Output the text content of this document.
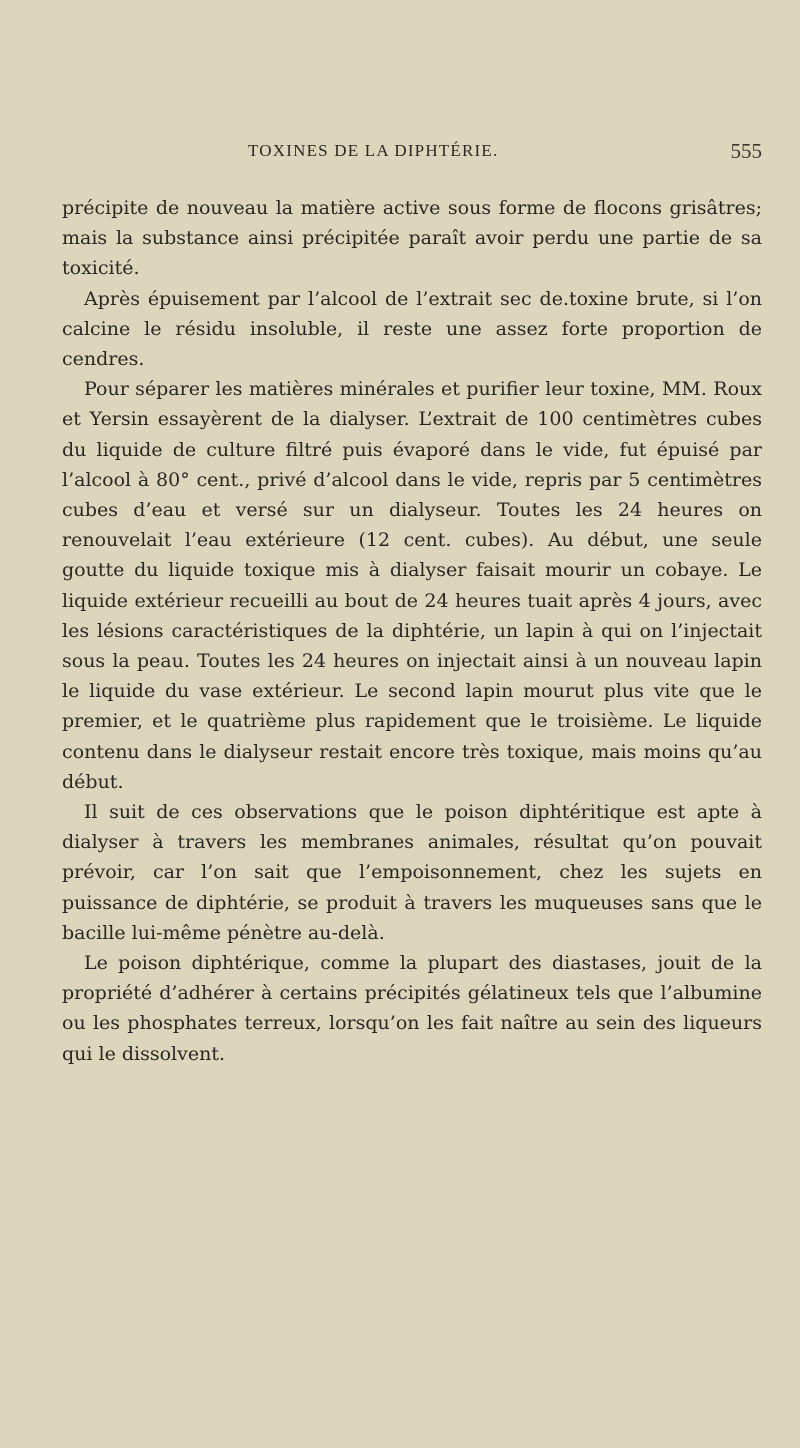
TOXINES DE LA DIPHTÉRIE.	555

précipite de nouveau la matière active sous forme de flocons grisâtres; mais la substance ainsi précipitée paraît avoir perdu une partie de sa toxicité.

Après épuisement par l’alcool de l’extrait sec de.toxine brute, si l’on calcine le résidu insoluble, il reste une assez forte proportion de cendres.

Pour séparer les matières minérales et purifier leur toxine, MM. Roux et Yersin essayèrent de la dialyser. L’extrait de 100 centimètres cubes du liquide de culture filtré puis évaporé dans le vide, fut épuisé par l’alcool à 80° cent., privé d’alcool dans le vide, repris par 5 centimètres cubes d’eau et versé sur un dialyseur. Toutes les 24 heures on renouvelait l’eau extérieure (12 cent. cubes). Au début, une seule goutte du liquide toxique mis à dialyser faisait mourir un cobaye. Le liquide extérieur recueilli au bout de 24 heures tuait après 4 jours, avec les lésions caractéristiques de la diphtérie, un lapin à qui on l’injectait sous la peau. Toutes les 24 heures on injectait ainsi à un nouveau lapin le liquide du vase extérieur. Le second lapin mourut plus vite que le premier, et le quatrième plus rapidement que le troisième. Le liquide contenu dans le dialyseur restait encore très toxique, mais moins qu’au début.

Il suit de ces observations que le poison diphtéritique est apte à dialyser à travers les membranes animales, résultat qu’on pouvait prévoir, car l’on sait que l’empoisonnement, chez les sujets en puissance de diphtérie, se produit à travers les muqueuses sans que le bacille lui-même pénètre au-delà.

Le poison diphtérique, comme la plupart des diastases, jouit de la propriété d’adhérer à certains précipités gélatineux tels que l’albumine ou les phosphates terreux, lorsqu’on les fait naître au sein des liqueurs qui le dissolvent.
